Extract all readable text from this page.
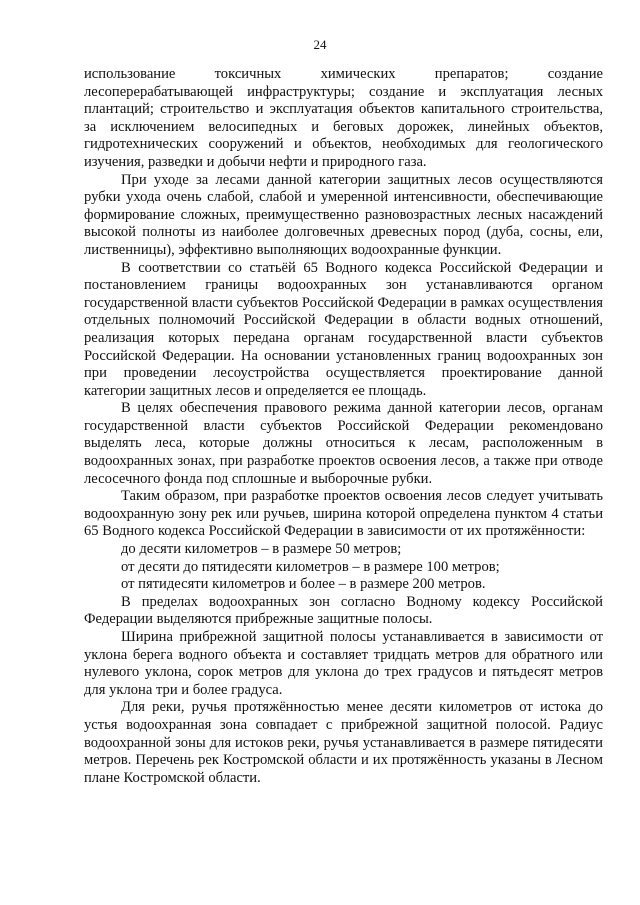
24

использование токсичных химических препаратов; создание лесоперерабатывающей инфраструктуры; создание и эксплуатация лесных плантаций; строительство и эксплуатация объектов капитального строительства, за исключением велосипедных и беговых дорожек, линейных объектов, гидротехнических сооружений и объектов, необходимых для геологического изучения, разведки и добычи нефти и природного газа.

При уходе за лесами данной категории защитных лесов осуществляются рубки ухода очень слабой, слабой и умеренной интенсивности, обеспечивающие формирование сложных, преимущественно разновозрастных лесных насаждений высокой полноты из наиболее долговечных древесных пород (дуба, сосны, ели, лиственницы), эффективно выполняющих водоохранные функции.

В соответствии со статьёй 65 Водного кодекса Российской Федерации и постановлением границы водоохранных зон устанавливаются органом государственной власти субъектов Российской Федерации в рамках осуществления отдельных полномочий Российской Федерации в области водных отношений, реализация которых передана органам государственной власти субъектов Российской Федерации. На основании установленных границ водоохранных зон при проведении лесоустройства осуществляется проектирование данной категории защитных лесов и определяется ее площадь.

В целях обеспечения правового режима данной категории лесов, органам государственной власти субъектов Российской Федерации рекомендовано выделять леса, которые должны относиться к лесам, расположенным в водоохранных зонах, при разработке проектов освоения лесов, а также при отводе лесосечного фонда под сплошные и выборочные рубки.

Таким образом, при разработке проектов освоения лесов следует учитывать водоохранную зону рек или ручьев, ширина которой определена пунктом 4 статьи 65 Водного кодекса Российской Федерации в зависимости от их протяжённости:

до десяти километров – в размере 50 метров;

от десяти до пятидесяти километров – в размере 100 метров;

от пятидесяти километров и более – в размере 200 метров.

В пределах водоохранных зон согласно Водному кодексу Российской Федерации выделяются прибрежные защитные полосы.

Ширина прибрежной защитной полосы устанавливается в зависимости от уклона берега водного объекта и составляет тридцать метров для обратного или нулевого уклона, сорок метров для уклона до трех градусов и пятьдесят метров для уклона три и более градуса.

Для реки, ручья протяжённостью менее десяти километров от истока до устья водоохранная зона совпадает с прибрежной защитной полосой. Радиус водоохранной зоны для истоков реки, ручья устанавливается в размере пятидесяти метров. Перечень рек Костромской области и их протяжённость указаны в Лесном плане Костромской области.
